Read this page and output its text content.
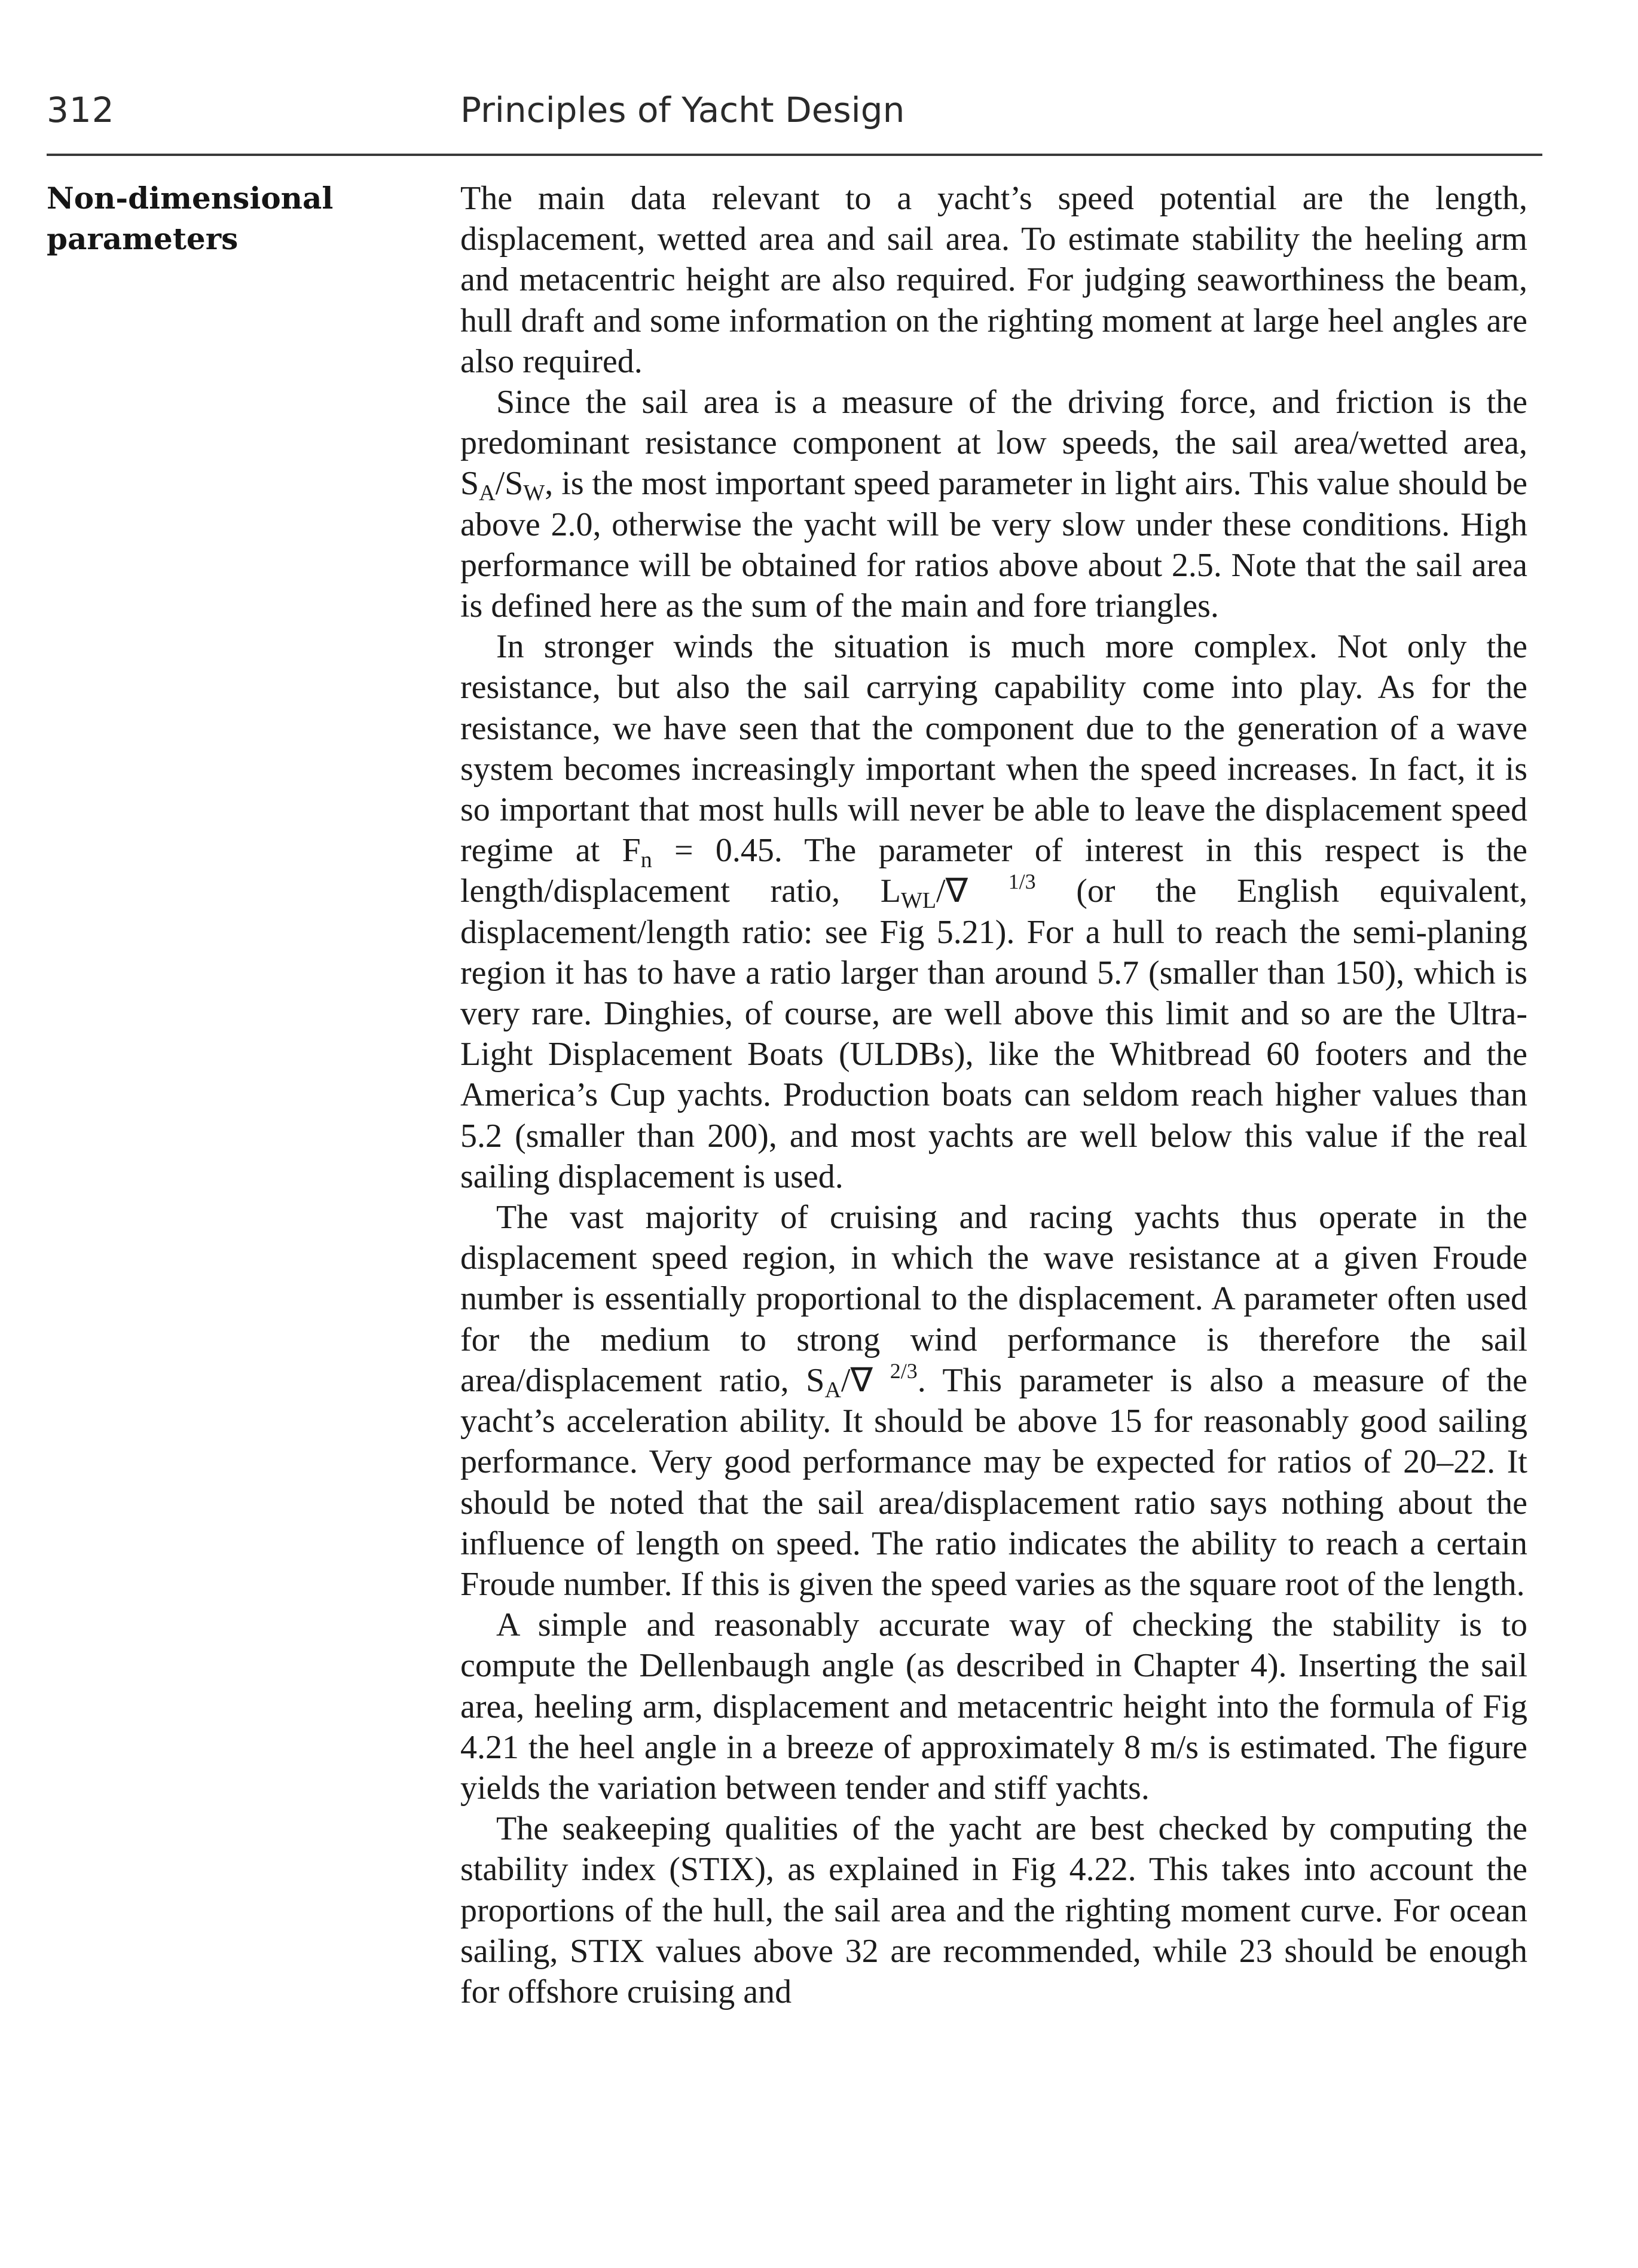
312	Principles of Yacht Design
Non-dimensional parameters

The main data relevant to a yacht’s speed potential are the length, displacement, wetted area and sail area. To estimate stability the heeling arm and metacentric height are also required. For judging seaworthiness the beam, hull draft and some information on the righting moment at large heel angles are also required.

Since the sail area is a measure of the driving force, and friction is the predominant resistance component at low speeds, the sail area/wetted area, $S_A/S_W$, is the most important speed parameter in light airs. This value should be above 2.0, otherwise the yacht will be very slow under these conditions. High performance will be obtained for ratios above about 2.5. Note that the sail area is defined here as the sum of the main and fore triangles.

In stronger winds the situation is much more complex. Not only the resistance, but also the sail carrying capability come into play. As for the resistance, we have seen that the component due to the generation of a wave system becomes increasingly important when the speed increases. In fact, it is so important that most hulls will never be able to leave the displacement speed regime at $F_n = 0.45$. The parameter of interest in this respect is the length/displacement ratio, $L_{WL}/\nabla$ $^{1/3}$ (or the English equivalent, displacement/length ratio: see Fig 5.21). For a hull to reach the semi-planing region it has to have a ratio larger than around 5.7 (smaller than 150), which is very rare. Dinghies, of course, are well above this limit and so are the Ultra-Light Displacement Boats (ULDBs), like the Whitbread 60 footers and the America’s Cup yachts. Production boats can seldom reach higher values than 5.2 (smaller than 200), and most yachts are well below this value if the real sailing displacement is used.

The vast majority of cruising and racing yachts thus operate in the displacement speed region, in which the wave resistance at a given Froude number is essentially proportional to the displacement. A parameter often used for the medium to strong wind performance is therefore the sail area/displacement ratio, $S_A/\nabla$ $^{2/3}$. This parameter is also a measure of the yacht’s acceleration ability. It should be above 15 for reasonably good sailing performance. Very good performance may be expected for ratios of 20–22. It should be noted that the sail area/displacement ratio says nothing about the influence of length on speed. The ratio indicates the ability to reach a certain Froude number. If this is given the speed varies as the square root of the length.

A simple and reasonably accurate way of checking the stability is to compute the Dellenbaugh angle (as described in Chapter 4). Inserting the sail area, heeling arm, displacement and metacentric height into the formula of Fig 4.21 the heel angle in a breeze of approximately 8 m/s is estimated. The figure yields the variation between tender and stiff yachts.

The seakeeping qualities of the yacht are best checked by computing the stability index (STIX), as explained in Fig 4.22. This takes into account the proportions of the hull, the sail area and the righting moment curve. For ocean sailing, STIX values above 32 are recommended, while 23 should be enough for offshore cruising and
